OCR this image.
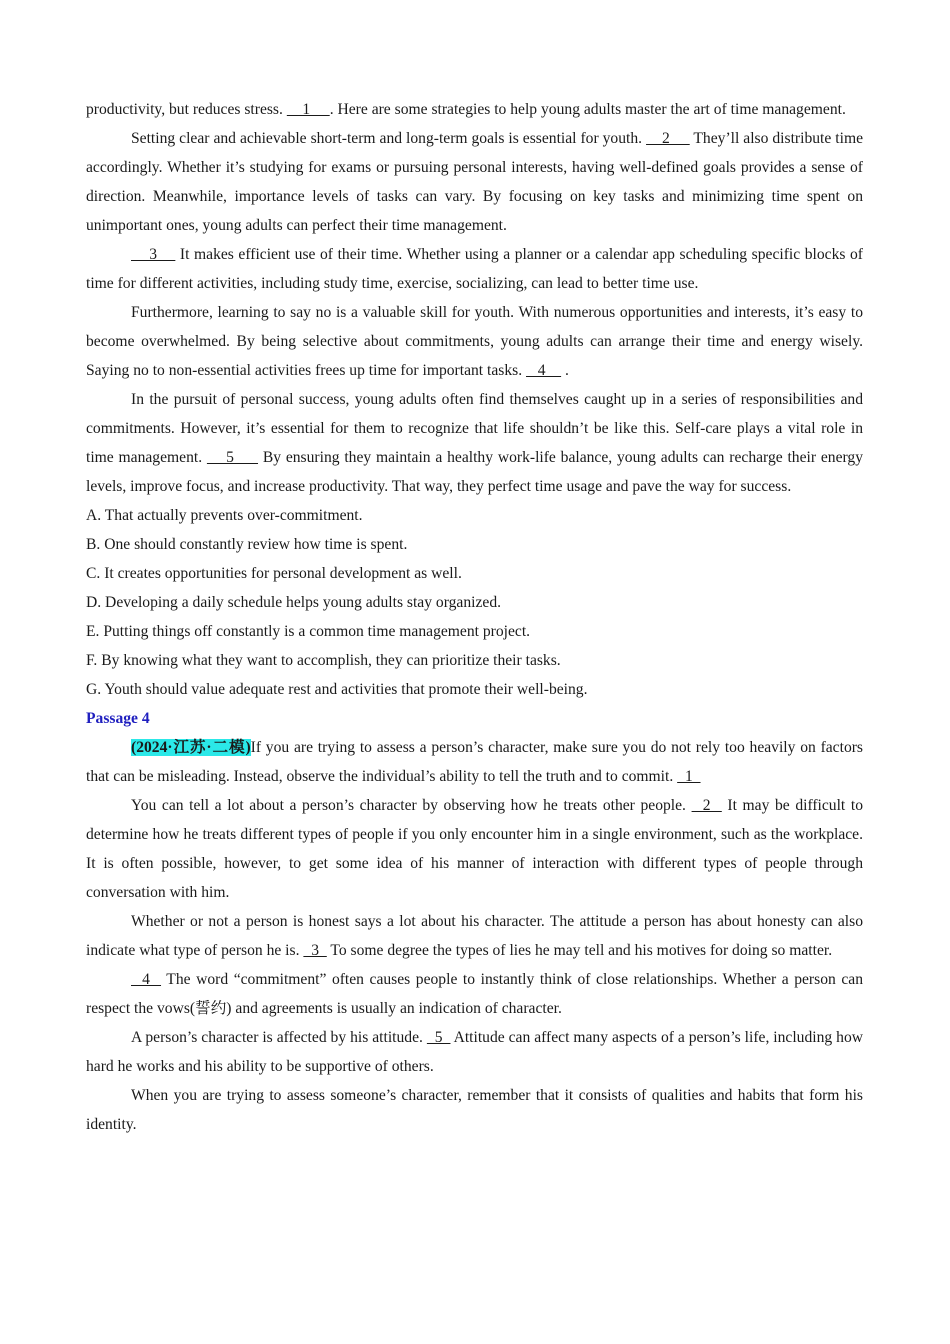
productivity, but reduces stress.     1     . Here are some strategies to help young adults master the art of time management.

Setting clear and achievable short-term and long-term goals is essential for youth.     2      They’ll also distribute time accordingly. Whether it’s studying for exams or pursuing personal interests, having well-defined goals provides a sense of direction. Meanwhile, importance levels of tasks can vary. By focusing on key tasks and minimizing time spent on unimportant ones, young adults can perfect their time management.

3     It makes efficient use of their time. Whether using a planner or a calendar app scheduling specific blocks of time for different activities, including study time, exercise, socializing, can lead to better time use.

Furthermore, learning to say no is a valuable skill for youth. With numerous opportunities and interests, it’s easy to become overwhelmed. By being selective about commitments, young adults can arrange their time and energy wisely. Saying no to non-essential activities frees up time for important tasks.    4     .

In the pursuit of personal success, young adults often find themselves caught up in a series of responsibilities and commitments. However, it’s essential for them to recognize that life shouldn’t be like this. Self-care plays a vital role in time management.     5      By ensuring they maintain a healthy work-life balance, young adults can recharge their energy levels, improve focus, and increase productivity. That way, they perfect time usage and pave the way for success.

A. That actually prevents over-commitment.

B. One should constantly review how time is spent.

C. It creates opportunities for personal development as well.

D. Developing a daily schedule helps young adults stay organized.

E. Putting things off constantly is a common time management project.

F. By knowing what they want to accomplish, they can prioritize their tasks.

G. Youth should value adequate rest and activities that promote their well-being.

Passage 4

(2024·江苏·二模)If you are trying to assess a person’s character, make sure you do not rely too heavily on factors that can be misleading. Instead, observe the individual’s ability to tell the truth and to commit.   1

You can tell a lot about a person’s character by observing how he treats other people.   2   It may be difficult to determine how he treats different types of people if you only encounter him in a single environment, such as the workplace. It is often possible, however, to get some idea of his manner of interaction with different types of people through conversation with him.

Whether or not a person is honest says a lot about his character. The attitude a person has about honesty can also indicate what type of person he is.   3   To some degree the types of lies he may tell and his motives for doing so matter.

4   The word “commitment” often causes people to instantly think of close relationships. Whether a person can respect the vows(誓约) and agreements is usually an indication of character.

A person’s character is affected by his attitude.   5   Attitude can affect many aspects of a person’s life, including how hard he works and his ability to be supportive of others.

When you are trying to assess someone’s character, remember that it consists of qualities and habits that form his identity.
